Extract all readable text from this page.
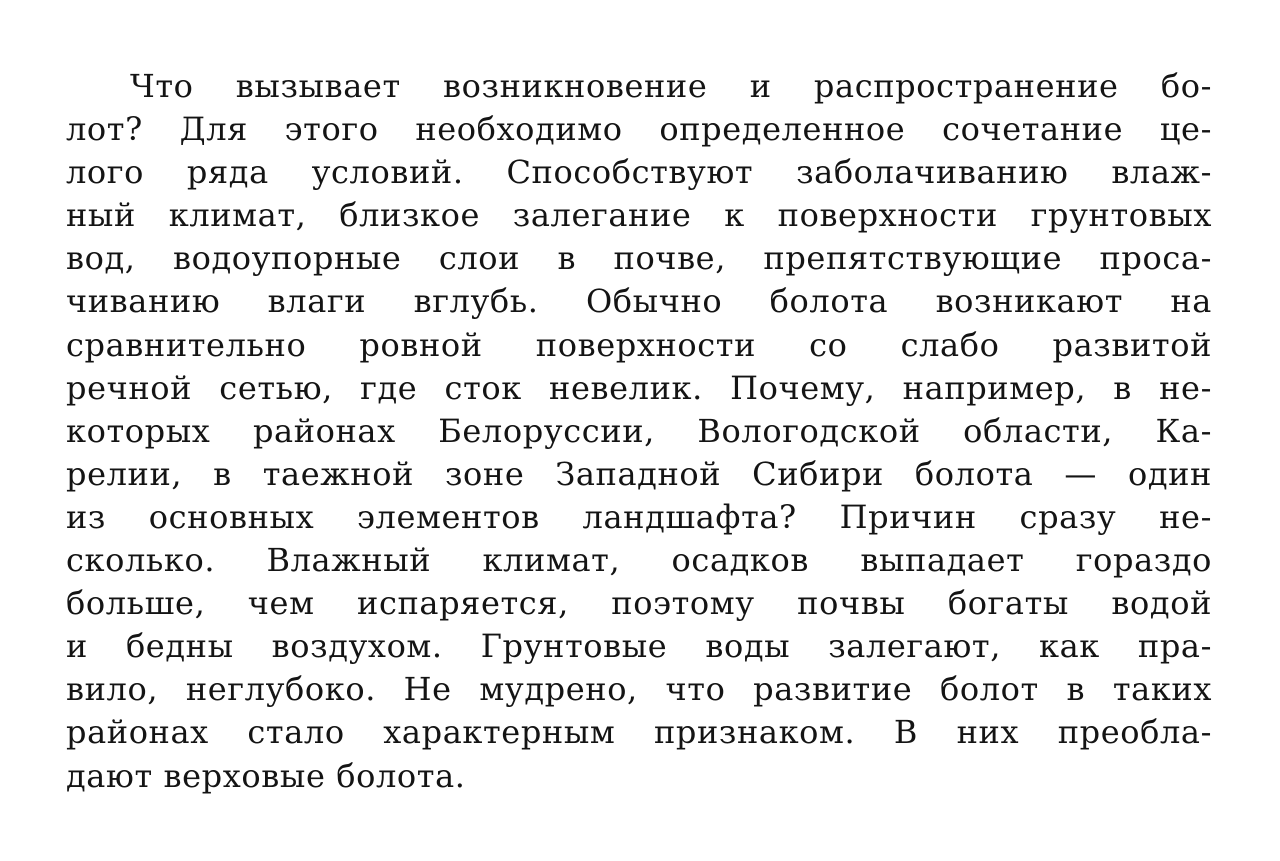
Что вызывает возникновение и распространение бо-
лот? Для этого необходимо определенное сочетание це-
лого ряда условий. Способствуют заболачиванию влаж-
ный климат, близкое залегание к поверхности грунтовых
вод, водоупорные слои в почве, препятствующие проса-
чиванию влаги вглубь. Обычно болота возникают на
сравнительно ровной поверхности со слабо развитой
речной сетью, где сток невелик. Почему, например, в не-
которых районах Белоруссии, Вологодской области, Ка-
релии, в таежной зоне Западной Сибири болота — один
из основных элементов ландшафта? Причин сразу не-
сколько. Влажный климат, осадков выпадает гораздо
больше, чем испаряется, поэтому почвы богаты водой
и бедны воздухом. Грунтовые воды залегают, как пра-
вило, неглубоко. Не мудрено, что развитие болот в таких
районах стало характерным признаком. В них преобла-
дают верховые болота.
